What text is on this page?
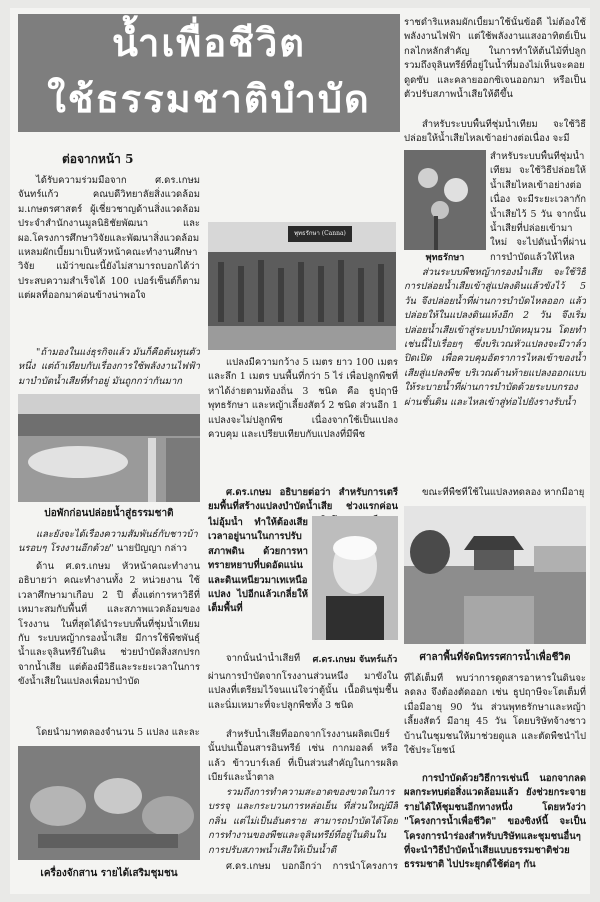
น้ำเพื่อชีวิต
ใช้ธรรมชาติบำบัด
ต่อจากหน้า 5
ได้รับความร่วมมือจาก ศ.ดร.เกษม จันทร์แก้ว คณบดีวิทยาลัยสิ่งแวดล้อม ม.เกษตรศาสตร์ ผู้เชี่ยวชาญด้านสิ่งแวดล้อมประจำสำนักงานมูลนิธิชัยพัฒนา และ ผอ.โครงการศึกษาวิจัยและพัฒนาสิ่งแวดล้อมแหลมผักเบี้ยมาเป็นหัวหน้าคณะทำงานศึกษาวิจัย แม้ว่าขณะนี้ยังไม่สามารถบอกได้ว่าประสบความสำเร็จได้ 100 เปอร์เซ็นต์ก็ตาม แต่ผลที่ออกมาค่อนข้างน่าพอใจ
"ถ้ามองในแง่ธุรกิจแล้ว มันก็คือต้นทุนตัวหนึ่ง แต่ถ้าเทียบกับเรื่องการใช้พลังงานไฟฟ้ามาบำบัดน้ำเสียที่ทำอยู่ มันถูกกว่ากันมาก
บ่อพักก่อนปล่อยน้ำสู่ธรรมชาติ
และยังจะได้เรื่องความสัมพันธ์กับชาวบ้านรอบๆ โรงงานอีกด้วย" นายปัญญา กล่าว
ด้าน ศ.ดร.เกษม หัวหน้าคณะทำงานอธิบายว่า คณะทำงานทั้ง 2 หน่วยงาน ใช้เวลาศึกษามาเกือบ 2 ปี ตั้งแต่การหาวิธีที่เหมาะสมกับพื้นที่ และสภาพแวดล้อมของโรงงาน ในที่สุดได้นำระบบพื้นที่ชุ่มน้ำเทียม กับ ระบบหญ้ากรองน้ำเสีย มีการใช้พืชพันธุ์น้ำและจุลินทรีย์ในดิน ช่วยบำบัดสิ่งสกปรกจากน้ำเสีย แต่ต้องมีวิธีและระยะเวลาในการขังน้ำเสียในแปลงเพื่อมาบำบัด
โดยนำมาทดลองจำนวน 5 แปลง และละ
เครื่องจักสาน รายได้เสริมชุมชน
พุทธรักษา (Canna)
แปลงมีความกว้าง 5 เมตร ยาว 100 เมตร และลึก 1 เมตร บนพื้นที่กว่า 5 ไร่ เพื่อปลูกพืชที่หาได้ง่ายตามท้องถิ่น 3 ชนิด คือ ธูปฤาษี พุทธรักษา และหญ้าเลี้ยงสัตว์ 2 ชนิด ส่วนอีก 1 แปลงจะไม่ปลูกพืช เนื่องจากใช้เป็นแปลงควบคุม และเปรียบเทียบกับแปลงที่มีพืช
ศ.ดร.เกษม อธิบายต่อว่า สำหรับการเตรียมพื้นที่สร้างแปลงบำบัดน้ำเสีย ช่วงแรกค่อน
ไม่อุ้มน้ำ ทำให้ต้องเสียเวลาอยู่นานในการปรับสภาพดิน ด้วยการหาทรายหยาบที่บดอัดแน่นและดินเหนียวมาเทเหนือแปลง ไปอีกแล้วเกลี่ยให้เต็มพื้นที่
จากนั้นนำน้ำเสียที่	ศ.ดร.เกษม จันทร์แก้ว
ผ่านการบำบัดจากโรงงานส่วนหนึ่ง มาขังในแปลงที่เตรียมไว้จนแน่ใจว่าตู้นั้น เนื้อดินชุ่มชื้นและนิ่มเหมาะที่จะปลูกพืชทั้ง 3 ชนิด
สำหรับน้ำเสียที่ออกจากโรงงานผลิตเบียร์นั้นปนเปื้อนสารอินทรีย์ เช่น กากมอลต์ หรือแล้ว ข้าวบาร์เลย์ ที่เป็นส่วนสำคัญในการผลิตเบียร์และน้ำตาล
รวมถึงการทำความสะอาดของขวดในการบรรจุ และกระบวนการหล่อเย็น ที่ส่วนใหญ่มีสี กลิ่น แต่ไม่เป็นอันตราย สามารถบำบัดได้โดยการทำงานของพืชและจุลินทรีย์ที่อยู่ในดินในการปรับสภาพน้ำเสียให้เป็นน้ำดี
ศ.ดร.เกษม บอกอีกว่า การนำโครงการ
ราชดำริแหลมผักเบี้ยมาใช้นั้นข้อดี ไม่ต้องใช้พลังงานไฟฟ้า แต่ใช้พลังงานแสงอาทิตย์เป็นกลไกหลักสำคัญ ในการทำให้ต้นไม้ที่ปลูก รวมถึงจุลินทรีย์ที่อยู่ในน้ำที่มองไม่เห็นจะคอยดูดซับ และคลายออกซิเจนออกมา หรือเป็นตัวปรับสภาพน้ำเสียให้ดีขึ้น
สำหรับระบบพื้นที่ชุ่มน้ำเทียม จะใช้วิธีปล่อยให้น้ำเสียไหลเข้าอย่างต่อเนื่อง จะมี
พุทธรักษา
สำหรับระบบพื้นที่ชุ่มน้ำเทียม จะใช้วิธีปล่อยให้น้ำเสียไหลเข้าอย่างต่อเนื่อง จะมีระยะเวลากักน้ำเสียไว้ 5 วัน จากนั้นน้ำเสียที่ปล่อยเข้ามาใหม่ จะไปดันน้ำที่ผ่านการบำบัดแล้วให้ไหล
ส่วนระบบพืชหญ้ากรองน้ำเสีย จะใช้วิธีการปล่อยน้ำเสียเข้าสู่แปลงดินแล้วขังไว้ 5 วัน จึงปล่อยน้ำที่ผ่านการบำบัดไหลออก แล้วปล่อยให้ในแปลงดินแห้งอีก 2 วัน จึงเริ่มปล่อยน้ำเสียเข้าสู่ระบบบำบัดหมุนวน โดยทำเช่นนี้ไปเรื่อยๆ ซึ่งบริเวณหัวแปลงจะมีวาล์วปิดเปิด เพื่อควบคุมอัตราการไหลเข้าของน้ำเสียสู่แปลงพืช บริเวณด้านท้ายแปลงออกแบบให้ระบายน้ำที่ผ่านการบำบัดด้วยระบบกรองผ่านชั้นดิน และไหลเข้าสู่ท่อไปยังรางรับน้ำ
ขณะที่พืชที่ใช้ในแปลงทดลอง หากมีอายุ
ศาลาพื้นที่จัดนิทรรศการน้ำเพื่อชีวิต
ที่ได้เต็มที่ พบว่าการดูดสารอาหารในดินจะลดลง จึงต้องตัดออก เช่น ธูปฤาษีจะโตเต็มที่ เมื่อมีอายุ 90 วัน ส่วนพุทธรักษาและหญ้าเลี้ยงสัตว์ มีอายุ 45 วัน โดยบริษัทจ้างชาวบ้านในชุมชนให้มาช่วยดูแล และตัดพืชนำไปใช้ประโยชน์
การบำบัดด้วยวิธีการเช่นนี้ นอกจากลดผลกระทบต่อสิ่งแวดล้อมแล้ว ยังช่วยกระจายรายได้ให้ชุมชนอีกทางหนึ่ง โดยหวังว่า "โครงการน้ำเพื่อชีวิต" ของซิงห์นี้ จะเป็นโครงการนำร่องสำหรับบริษัทและชุมชนอื่นๆ ที่จะนำวิธีบำบัดน้ำเสียแบบธรรมชาติช่วยธรรมชาติ ไปประยุกต์ใช้ต่อๆ กัน
